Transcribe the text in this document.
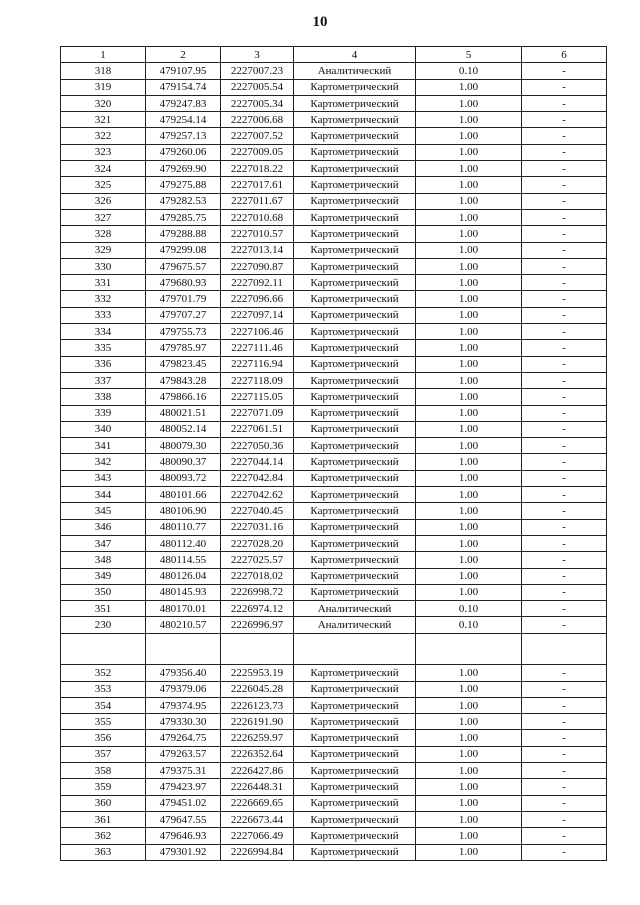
10
1	2	3	4	5	6
318	479107.95	2227007.23	Аналитический	0.10	-
319	479154.74	2227005.54	Картометрический	1.00	-
320	479247.83	2227005.34	Картометрический	1.00	-
321	479254.14	2227006.68	Картометрический	1.00	-
322	479257.13	2227007.52	Картометрический	1.00	-
323	479260.06	2227009.05	Картометрический	1.00	-
324	479269.90	2227018.22	Картометрический	1.00	-
325	479275.88	2227017.61	Картометрический	1.00	-
326	479282.53	2227011.67	Картометрический	1.00	-
327	479285.75	2227010.68	Картометрический	1.00	-
328	479288.88	2227010.57	Картометрический	1.00	-
329	479299.08	2227013.14	Картометрический	1.00	-
330	479675.57	2227090.87	Картометрический	1.00	-
331	479680.93	2227092.11	Картометрический	1.00	-
332	479701.79	2227096.66	Картометрический	1.00	-
333	479707.27	2227097.14	Картометрический	1.00	-
334	479755.73	2227106.46	Картометрический	1.00	-
335	479785.97	2227111.46	Картометрический	1.00	-
336	479823.45	2227116.94	Картометрический	1.00	-
337	479843.28	2227118.09	Картометрический	1.00	-
338	479866.16	2227115.05	Картометрический	1.00	-
339	480021.51	2227071.09	Картометрический	1.00	-
340	480052.14	2227061.51	Картометрический	1.00	-
341	480079.30	2227050.36	Картометрический	1.00	-
342	480090.37	2227044.14	Картометрический	1.00	-
343	480093.72	2227042.84	Картометрический	1.00	-
344	480101.66	2227042.62	Картометрический	1.00	-
345	480106.90	2227040.45	Картометрический	1.00	-
346	480110.77	2227031.16	Картометрический	1.00	-
347	480112.40	2227028.20	Картометрический	1.00	-
348	480114.55	2227025.57	Картометрический	1.00	-
349	480126.04	2227018.02	Картометрический	1.00	-
350	480145.93	2226998.72	Картометрический	1.00	-
351	480170.01	2226974.12	Аналитический	0.10	-
230	480210.57	2226996.97	Аналитический	0.10	-

352	479356.40	2225953.19	Картометрический	1.00	-
353	479379.06	2226045.28	Картометрический	1.00	-
354	479374.95	2226123.73	Картометрический	1.00	-
355	479330.30	2226191.90	Картометрический	1.00	-
356	479264.75	2226259.97	Картометрический	1.00	-
357	479263.57	2226352.64	Картометрический	1.00	-
358	479375.31	2226427.86	Картометрический	1.00	-
359	479423.97	2226448.31	Картометрический	1.00	-
360	479451.02	2226669.65	Картометрический	1.00	-
361	479647.55	2226673.44	Картометрический	1.00	-
362	479646.93	2227066.49	Картометрический	1.00	-
363	479301.92	2226994.84	Картометрический	1.00	-
